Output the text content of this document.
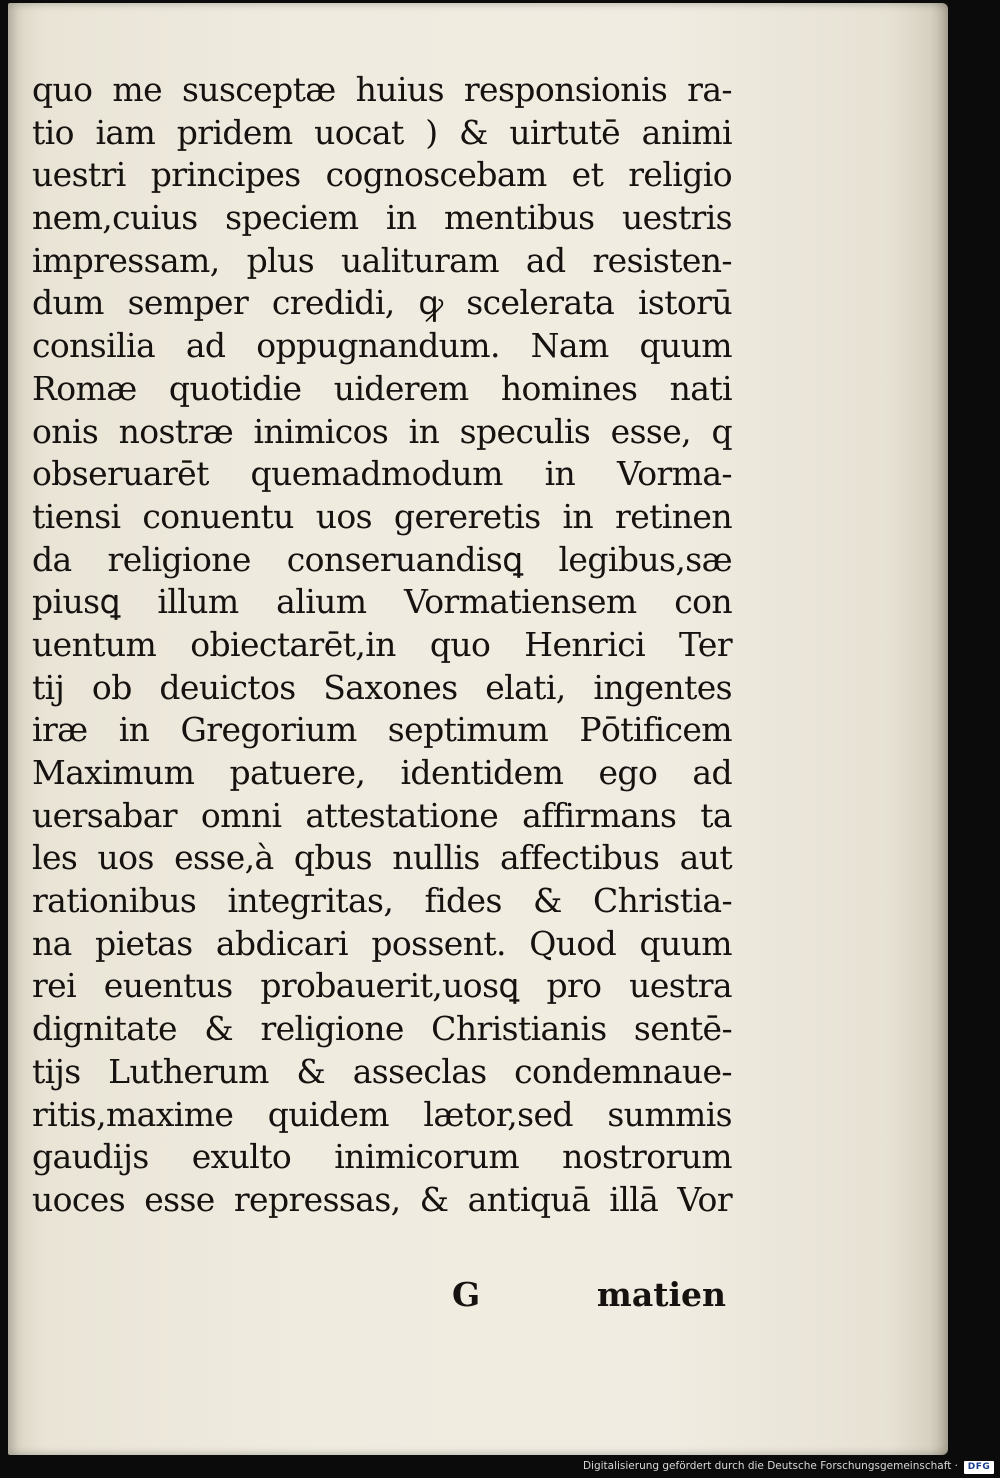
quo me susceptæ huius responsionis ra‑
tio iam pridem uocat ) & uirtutē animi
uestri principes cognoscebam et religio
nem,cuius speciem in mentibus uestris
impressam, plus ualituram ad resisten‑
dum semper credidi, ꝙ scelerata istorū
consilia ad oppugnandum. Nam quum
Romæ quotidie uiderem homines nati
onis nostræ inimicos in speculis esse, q
obseruarēt quemadmodum in Vorma‑
tiensi conuentu uos gereretis in retinen
da religione conseruandisꝗ legibus,sæ
piusꝗ illum alium Vormatiensem con
uentum obiectarēt,in quo Henrici Ter
tij ob deuictos Saxones elati, ingentes
iræ in Gregorium septimum Pōtificem
Maximum patuere, identidem ego ad
uersabar omni attestatione affirmans ta
les uos esse,à qbus nullis affectibus aut
rationibus integritas, fides & Christia‑
na pietas abdicari possent. Quod quum
rei euentus probauerit,uosꝗ pro uestra
dignitate & religione Christianis sentē‑
tijs Lutherum & asseclas condemnaue‑
ritis,maxime quidem lætor,sed summis
gaudijs exulto inimicorum nostrorum
uoces esse repressas, & antiquā illā Vor
G	matien
Digitalisierung gefördert durch die Deutsche Forschungsgemeinschaft ·	DFG
